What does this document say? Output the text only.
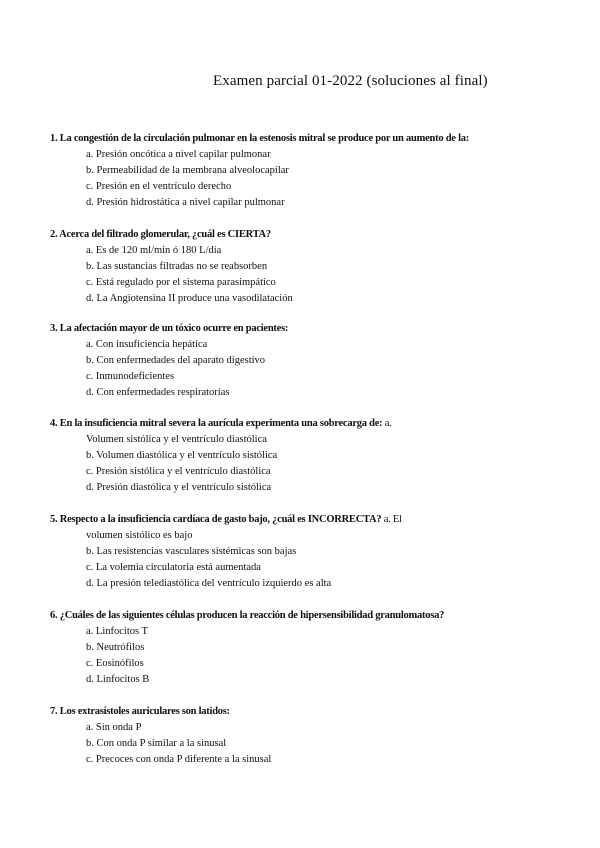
Examen parcial 01-2022 (soluciones al final)
1. La congestión de la circulación pulmonar en la estenosis mitral se produce por un aumento de la:
a. Presión oncótica a nivel capilar pulmonar
b. Permeabilidad de la membrana alveolocapilar
c. Presión en el ventrículo derecho
d. Presión hidrostática a nivel capilar pulmonar
2. Acerca del filtrado glomerular, ¿cuál es CIERTA?
a. Es de 120 ml/min ó 180 L/día
b. Las sustancias filtradas no se reabsorben
c. Está regulado por el sistema parasimpático
d. La Angiotensina II produce una vasodilatación
3. La afectación mayor de un tóxico ocurre en pacientes:
a. Con insuficiencia hepática
b. Con enfermedades del aparato digestivo
c. Inmunodeficientes
d. Con enfermedades respiratorias
4. En la insuficiencia mitral severa la aurícula experimenta una sobrecarga de: a.
Volumen sistólica y el ventrículo diastólica
b. Volumen diastólica y el ventrículo sistólica
c. Presión sistólica y el ventrículo diastólica
d. Presión diastólica y el ventrículo sistólica
5. Respecto a la insuficiencia cardíaca de gasto bajo, ¿cuál es INCORRECTA? a. El
volumen sistólico es bajo
b. Las resistencias vasculares sistémicas son bajas
c. La volemia circulatoria está aumentada
d. La presión telediastólica del ventrículo izquierdo es alta
6. ¿Cuáles de las siguientes células producen la reacción de hipersensibilidad granulomatosa?
a. Linfocitos T
b. Neutrófilos
c. Eosinófilos
d. Linfocitos B
7. Los extrasístoles auriculares son latidos:
a. Sin onda P
b. Con onda P similar a la sinusal
c. Precoces con onda P diferente a la sinusal
